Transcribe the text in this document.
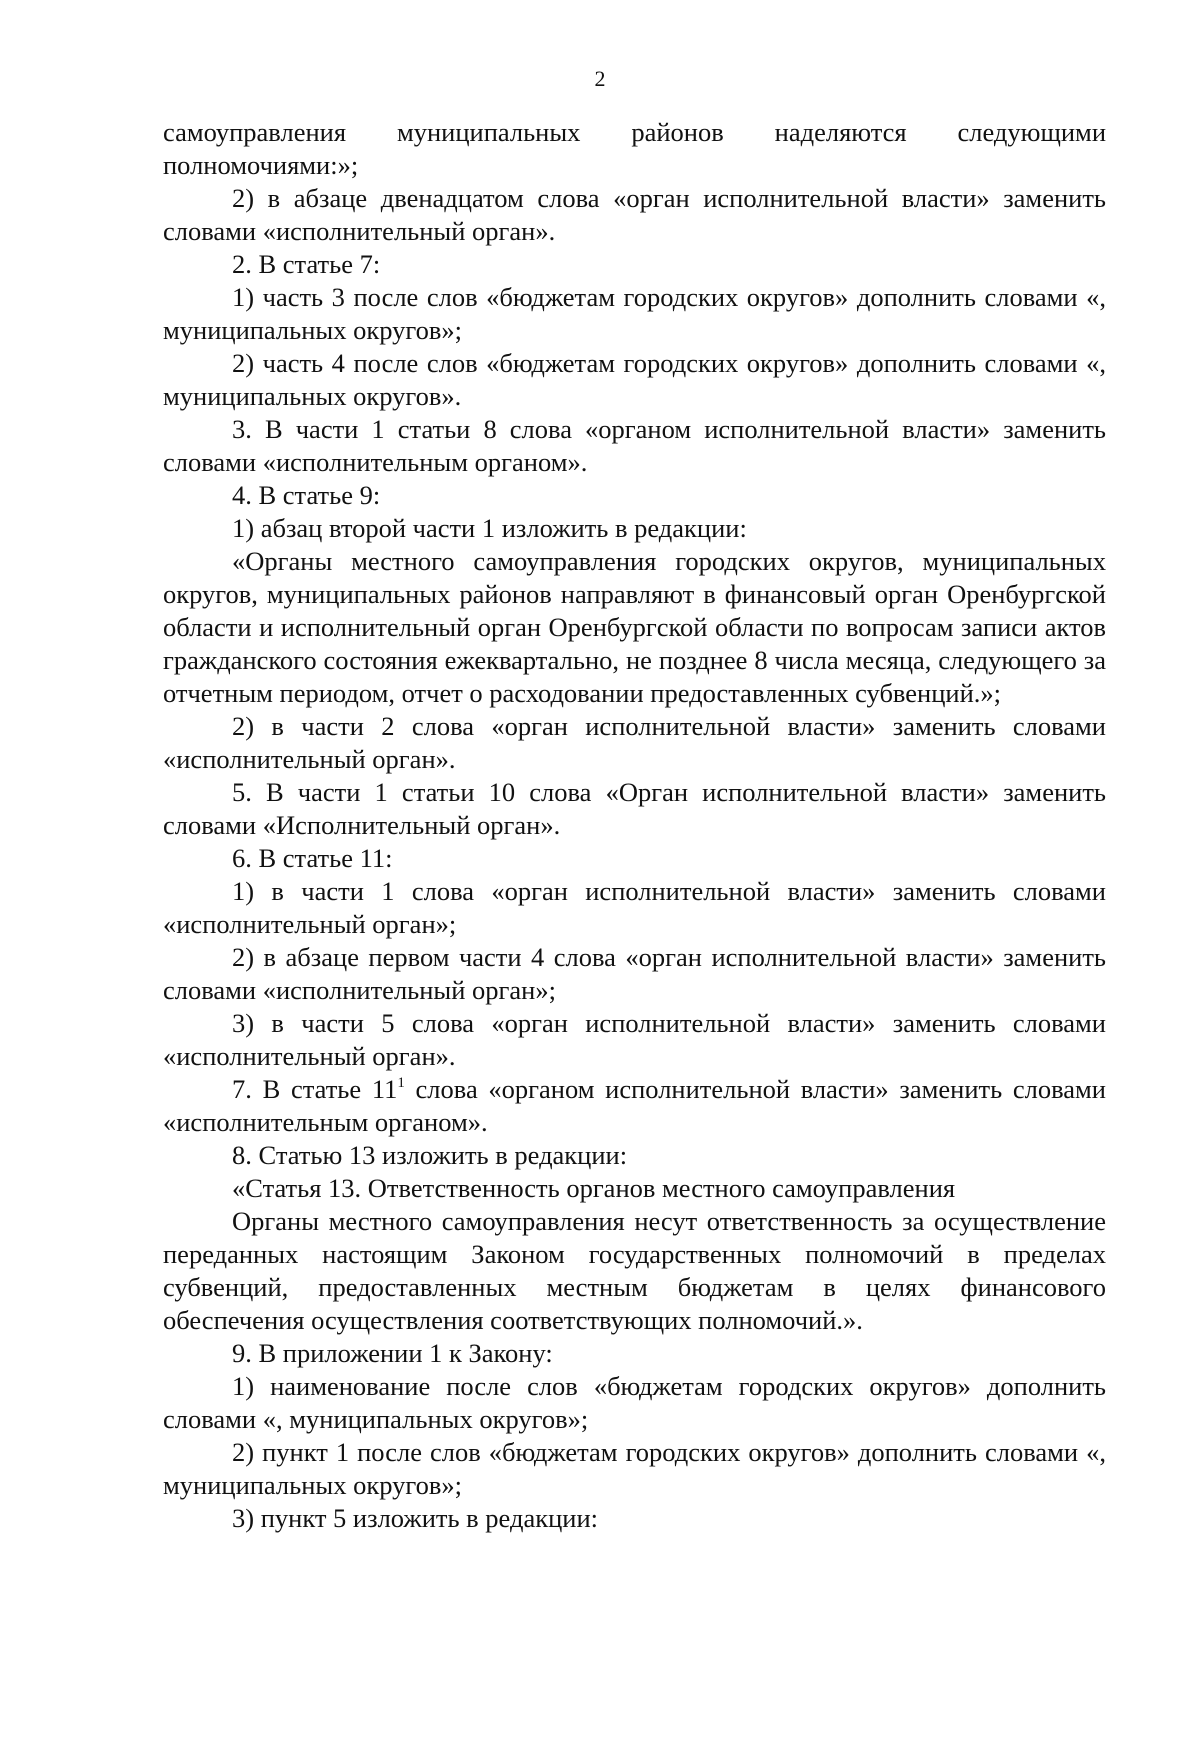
2

самоуправления муниципальных районов наделяются следующими полномочиями:»;

2) в абзаце двенадцатом слова «орган исполнительной власти» заменить словами «исполнительный орган».

2. В статье 7:

1) часть 3 после слов «бюджетам городских округов» дополнить словами «, муниципальных округов»;

2) часть 4 после слов «бюджетам городских округов» дополнить словами «, муниципальных округов».

3. В части 1 статьи 8 слова «органом исполнительной власти» заменить словами «исполнительным органом».

4. В статье 9:

1) абзац второй части 1 изложить в редакции:

«Органы местного самоуправления городских округов, муниципальных округов, муниципальных районов направляют в финансовый орган Оренбургской области и исполнительный орган Оренбургской области по вопросам записи актов гражданского состояния ежеквартально, не позднее 8 числа месяца, следующего за отчетным периодом, отчет о расходовании предоставленных субвенций.»;

2) в части 2 слова «орган исполнительной власти» заменить словами «исполнительный орган».

5. В части 1 статьи 10 слова «Орган исполнительной власти» заменить словами «Исполнительный орган».

6. В статье 11:

1) в части 1 слова «орган исполнительной власти» заменить словами «исполнительный орган»;

2) в абзаце первом части 4 слова «орган исполнительной власти» заменить словами «исполнительный орган»;

3) в части 5 слова «орган исполнительной власти» заменить словами «исполнительный орган».

7. В статье $11^1$ слова «органом исполнительной власти» заменить словами «исполнительным органом».

8. Статью 13 изложить в редакции:

«Статья 13. Ответственность органов местного самоуправления

Органы местного самоуправления несут ответственность за осуществление переданных настоящим Законом государственных полномочий в пределах субвенций, предоставленных местным бюджетам в целях финансового обеспечения осуществления соответствующих полномочий.».

9. В приложении 1 к Закону:

1) наименование после слов «бюджетам городских округов» дополнить словами «, муниципальных округов»;

2) пункт 1 после слов «бюджетам городских округов» дополнить словами «, муниципальных округов»;

3) пункт 5 изложить в редакции:
